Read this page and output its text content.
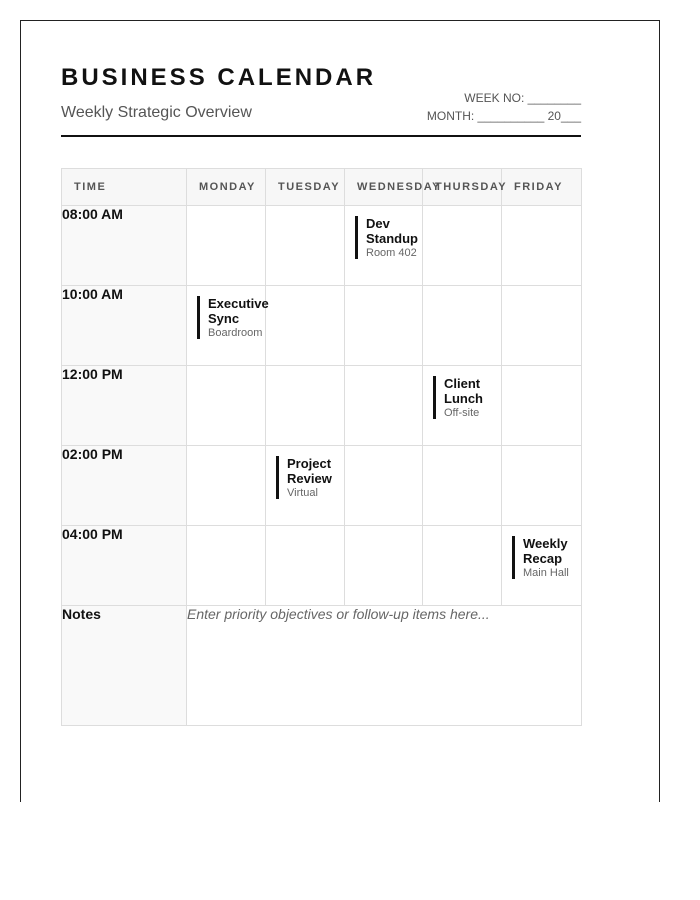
BUSINESS CALENDAR
Weekly Strategic Overview
WEEK NO: ________
MONTH: __________ 20___
TIME	MONDAY	TUESDAY	WEDNESDAY	THURSDAY	FRIDAY
08:00 AM			Dev Standup
Room 402		

10:00 AM	Executive Sync
Boardroom				

12:00 PM				Client Lunch
Off-site	

02:00 PM		Project Review
Virtual			

04:00 PM					Weekly Recap
Main Hall

Notes	Enter priority objectives or follow-up items here...				
